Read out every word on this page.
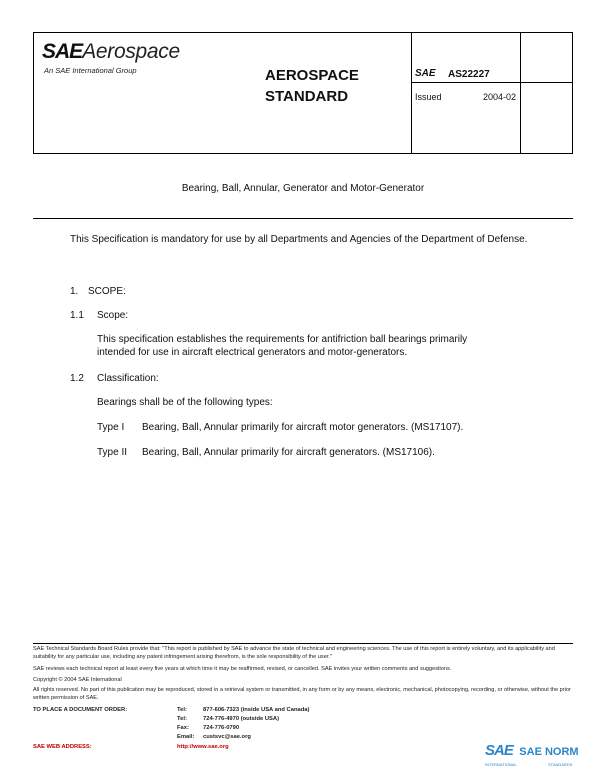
SAEAerospace
An SAE International Group	AEROSPACE
STANDARD
SAE AS22227
Issued	2004-02
Bearing, Ball, Annular, Generator and Motor-Generator
This Specification is mandatory for use by all Departments and Agencies of the Department of Defense.
1. SCOPE:
1.1 Scope:
This specification establishes the requirements for antifriction ball bearings primarily intended for use in aircraft electrical generators and motor-generators.
1.2 Classification:
Bearings shall be of the following types:
Type I Bearing, Ball, Annular primarily for aircraft motor generators. (MS17107).
Type II Bearing, Ball, Annular primarily for aircraft generators. (MS17106).
SAE Technical Standards Board Rules provide that: "This report is published by SAE to advance the state of technical and engineering sciences. The use of this report is entirely voluntary, and its applicability and suitability for any particular use, including any patent infringement arising therefrom, is the sole responsibility of the user."
SAE reviews each technical report at least every five years at which time it may be reaffirmed, revised, or cancelled. SAE invites your written comments and suggestions.
Copyright © 2004 SAE International
All rights reserved. No part of this publication may be reproduced, stored in a retrieval system or transmitted, in any form or by any means, electronic, mechanical, photocopying, recording, or otherwise, without the prior written permission of SAE.
TO PLACE A DOCUMENT ORDER:	Tel:	877-606-7323 (inside USA and Canada)
Tel:	724-776-4970 (outside USA)
Fax: 724-776-0790
Email: custsvc@sae.org
SAE WEB ADDRESS:	http://www.sae.org	SAE SAE NORM
INTERNATIONAL	STANDARDS
